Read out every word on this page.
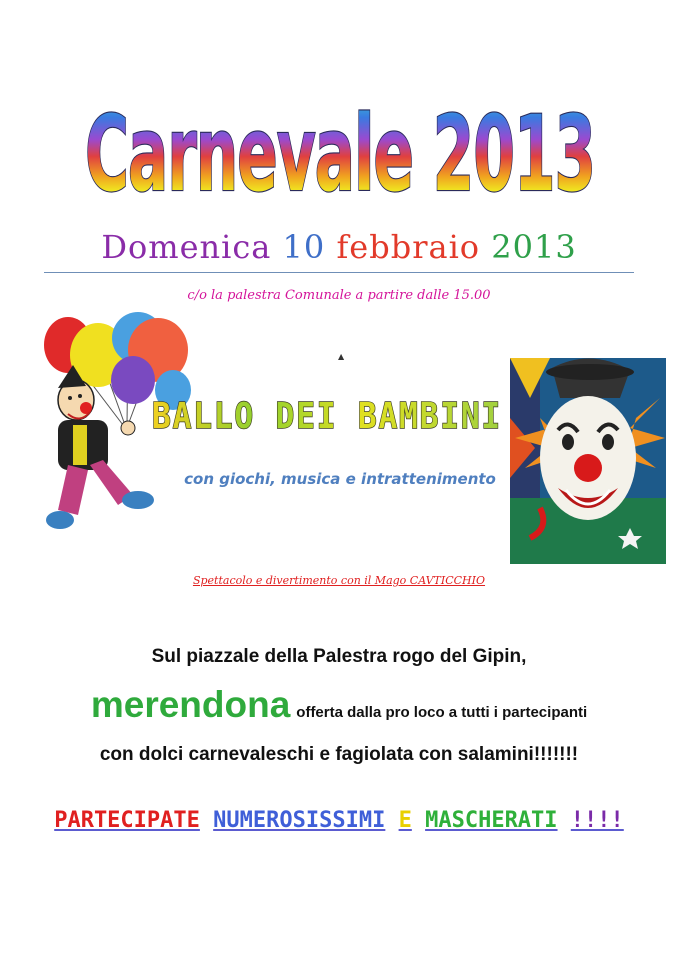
Carnevale 2013
Domenica 10 febbraio 2013
c/o la palestra Comunale a partire dalle 15.00
▲
BALLO DEI BAMBINI
con giochi, musica e intrattenimento
Spettacolo e divertimento con il Mago CAVTICCHIO
Sul piazzale della Palestra rogo del Gipin,
merendona offerta dalla pro loco a tutti i partecipanti
con dolci carnevaleschi e fagiolata con salamini!!!!!!!
PARTECIPATE NUMEROSISSIMI E MASCHERATI !!!!
